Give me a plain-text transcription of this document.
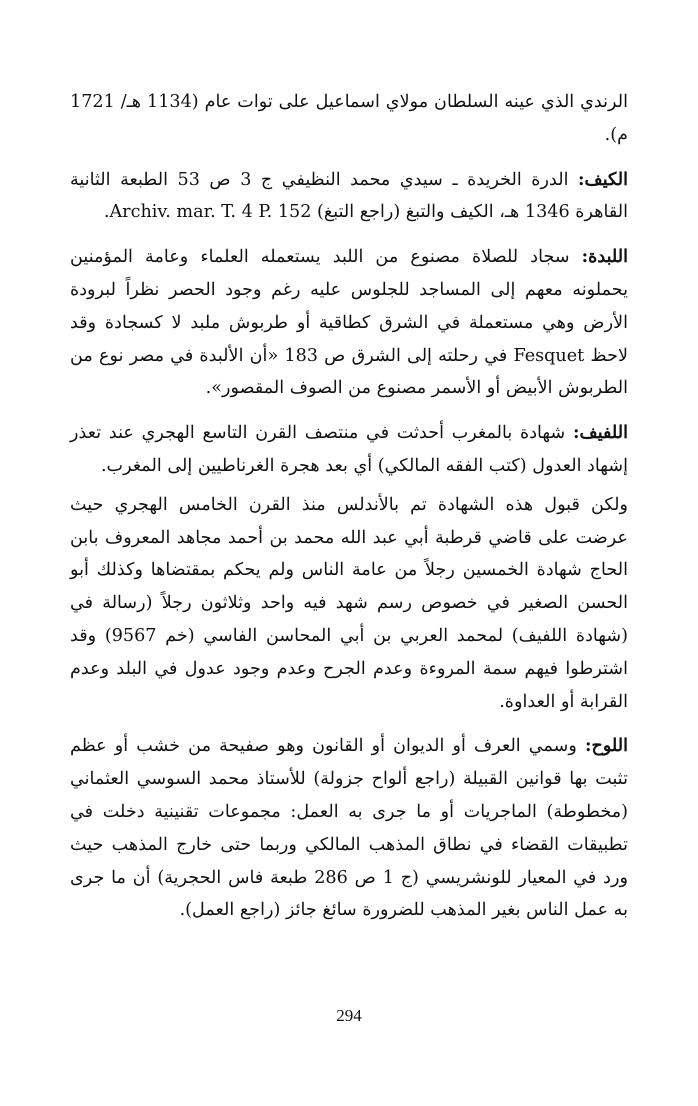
الرندي الذي عينه السلطان مولاي اسماعيل على توات عام (1134 هـ/ 1721 م).

الكيف: الدرة الخريدة ـ سيدي محمد النظيفي ج 3 ص 53 الطبعة الثانية القاهرة 1346 هـ، الكيف والتبغ (راجع التبغ) Archiv. mar. T. 4 P. 152.

اللبدة: سجاد للصلاة مصنوع من اللبد يستعمله العلماء وعامة المؤمنين يحملونه معهم إلى المساجد للجلوس عليه رغم وجود الحصر نظراً لبرودة الأرض وهي مستعملة في الشرق كطاقية أو طربوش ملبد لا كسجادة وقد لاحظ Fesquet في رحلته إلى الشرق ص 183 «أن الألبدة في مصر نوع من الطربوش الأبيض أو الأسمر مصنوع من الصوف المقصور».

اللفيف: شهادة بالمغرب أحدثت في منتصف القرن التاسع الهجري عند تعذر إشهاد العدول (كتب الفقه المالكي) أي بعد هجرة الغرناطيين إلى المغرب.

ولكن قبول هذه الشهادة تم بالأندلس منذ القرن الخامس الهجري حيث عرضت على قاضي قرطبة أبي عبد الله محمد بن أحمد مجاهد المعروف بابن الحاج شهادة الخمسين رجلاً من عامة الناس ولم يحكم بمقتضاها وكذلك أبو الحسن الصغير في خصوص رسم شهد فيه واحد وثلاثون رجلاً (رسالة في (شهادة اللفيف) لمحمد العربي بن أبي المحاسن الفاسي (خم 9567) وقد اشترطوا فيهم سمة المروءة وعدم الجرح وعدم وجود عدول في البلد وعدم القرابة أو العداوة.

اللوح: وسمي العرف أو الديوان أو القانون وهو صفيحة من خشب أو عظم تثبت بها قوانين القبيلة (راجع ألواح جزولة) للأستاذ محمد السوسي العثماني (مخطوطة) الماجريات أو ما جرى به العمل: مجموعات تقنينية دخلت في تطبيقات القضاء في نطاق المذهب المالكي وربما حتى خارج المذهب حيث ورد في المعيار للونشريسي (ج 1 ص 286 طبعة فاس الحجرية) أن ما جرى به عمل الناس بغير المذهب للضرورة سائغ جائز (راجع العمل).

294
